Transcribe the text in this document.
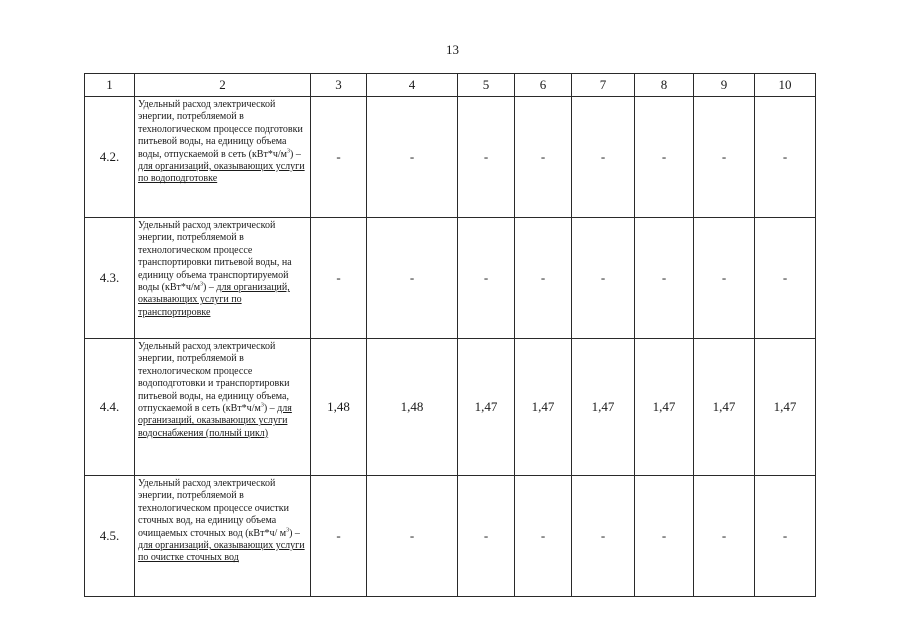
13
1	2	3	4	5	6	7	8	9	10
4.2.	Удельный расход электрической энергии, потребляемой в технологическом процессе подготовки питьевой воды, на единицу объема воды, отпускаемой в сеть $(кВт*ч/м^3)$ – для организаций, оказывающих услуги по водоподготовке	-	-	-	-	-	-	-	-
4.3.	Удельный расход электрической энергии, потребляемой в технологическом процессе транспортировки питьевой воды, на единицу объема транспортируемой воды $(кВт*ч/м^3)$ – для организаций, оказывающих услуги по транспортировке	-	-	-	-	-	-	-	-
4.4.	Удельный расход электрической энергии, потребляемой в технологическом процессе водоподготовки и транспортировки питьевой воды, на единицу объема, отпускаемой в сеть $(кВт*ч/м^3)$ – для организаций, оказывающих услуги водоснабжения (полный цикл)	1,48	1,48	1,47	1,47	1,47	1,47	1,47	1,47
4.5.	Удельный расход электрической энергии, потребляемой в технологическом процессе очистки сточных вод, на единицу объема очищаемых сточных вод (кВт*ч/ $м^3$) – для организаций, оказывающих услуги по очистке сточных вод	-	-	-	-	-	-	-	-
